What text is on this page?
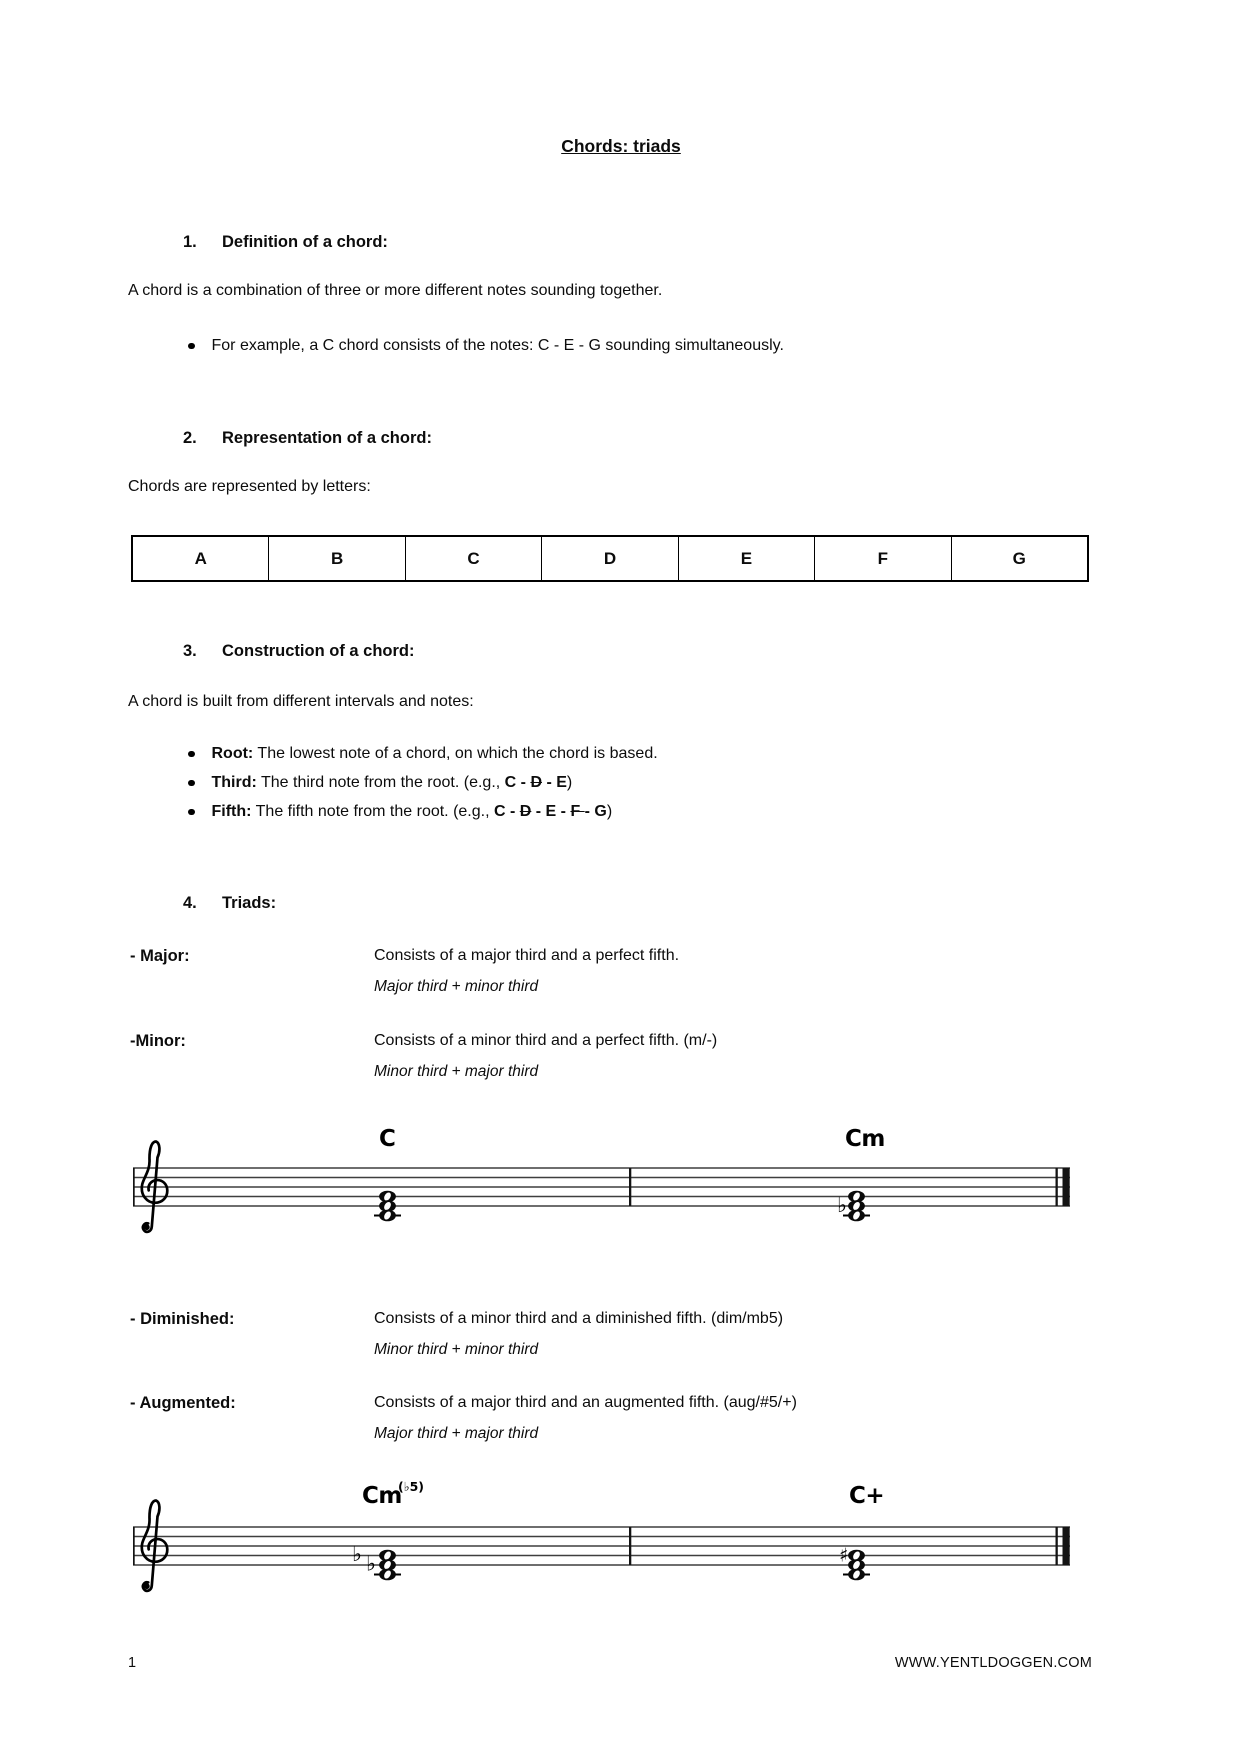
C	Cm
♭
Cm
(♭5)
♭ ♭
C+
♯
Chords: triads
1. Definition of a chord:
A chord is a combination of three or more different notes sounding together.
For example, a C chord consists of the notes: C - E - G sounding simultaneously.
2. Representation of a chord:
Chords are represented by letters:
A	B	C	D	E	F	G
3. Construction of a chord:
A chord is built from different intervals and notes:
Root: The lowest note of a chord, on which the chord is based.
Third: The third note from the root. (e.g., C - D - E)
Fifth: The fifth note from the root. (e.g., C - D - E - F - G)
4. Triads:
- Major:	Consists of a major third and a perfect fifth.
Major third + minor third
-Minor:	Consists of a minor third and a perfect fifth. (m/-)
Minor third + major third
- Diminished:	Consists of a minor third and a diminished fifth. (dim/mb5)
Minor third + minor third
- Augmented:	Consists of a major third and an augmented fifth. (aug/#5/+)
Major third + major third
1	WWW.YENTLDOGGEN.COM
